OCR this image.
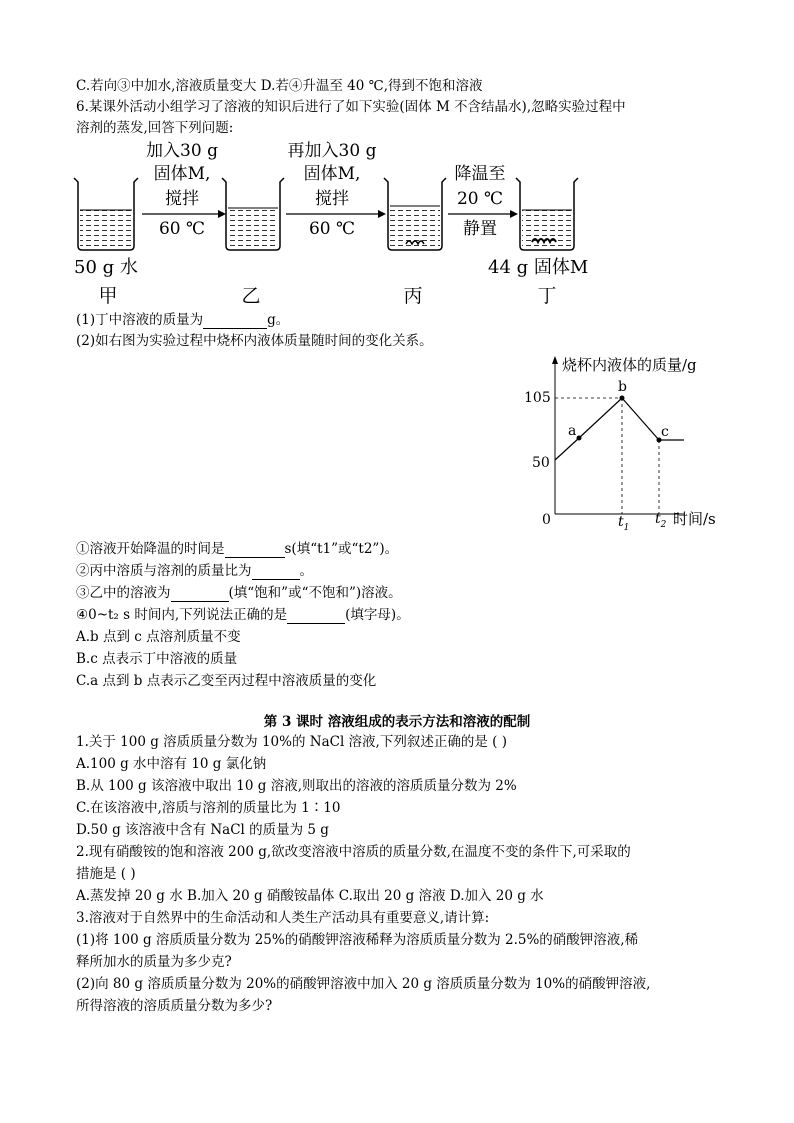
C.若向③中加水,溶液质量变大 D.若④升温至 40 ℃,得到不饱和溶液
6.某课外活动小组学习了溶液的知识后进行了如下实验(固体 M 不含结晶水),忽略实验过程中
溶剂的蒸发,回答下列问题:
加入30 g
固体M,
搅拌
60 ℃
再加入30 g
固体M,
搅拌
60 ℃
降温至
20 ℃
静置
50 g 水	44 g 固体M
甲	乙	丙	丁
(1)丁中溶液的质量为	g。
(2)如右图为实验过程中烧杯内液体质量随时间的变化关系。
烧杯内液体的质量/g
0
105
50
a
b
c
$t_1$
$t_2$ 时间/s
①溶液开始降温的时间是	s(填“t1”或“t2”)。
②丙中溶质与溶剂的质量比为	。
③乙中的溶液为	(填“饱和”或“不饱和”)溶液。
④0~t₂ s 时间内,下列说法正确的是	(填字母)。
A.b 点到 c 点溶剂质量不变
B.c 点表示丁中溶液的质量
C.a 点到 b 点表示乙变至丙过程中溶液质量的变化
第 3 课时 溶液组成的表示方法和溶液的配制
1.关于 100 g 溶质质量分数为 10%的 NaCl 溶液,下列叙述正确的是 ( )
A.100 g 水中溶有 10 g 氯化钠
B.从 100 g 该溶液中取出 10 g 溶液,则取出的溶液的溶质质量分数为 2%
C.在该溶液中,溶质与溶剂的质量比为 1∶10
D.50 g 该溶液中含有 NaCl 的质量为 5 g
2.现有硝酸铵的饱和溶液 200 g,欲改变溶液中溶质的质量分数,在温度不变的条件下,可采取的
措施是 ( )
A.蒸发掉 20 g 水 B.加入 20 g 硝酸铵晶体 C.取出 20 g 溶液 D.加入 20 g 水
3.溶液对于自然界中的生命活动和人类生产活动具有重要意义,请计算:
(1)将 100 g 溶质质量分数为 25%的硝酸钾溶液稀释为溶质质量分数为 2.5%的硝酸钾溶液,稀
释所加水的质量为多少克?
(2)向 80 g 溶质质量分数为 20%的硝酸钾溶液中加入 20 g 溶质质量分数为 10%的硝酸钾溶液,
所得溶液的溶质质量分数为多少?
